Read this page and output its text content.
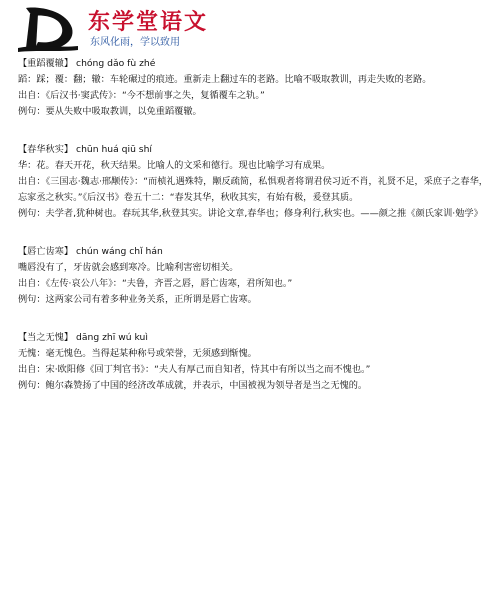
东学堂语文
东风化雨，学以致用
【重蹈覆辙】 chóng dǎo fù zhé
蹈：踩；覆：翻；辙：车轮碾过的痕迹。重新走上翻过车的老路。比喻不吸取教训，再走失败的老路。
出自：《后汉书·窦武传》：“今不想前事之失，复循覆车之轨。”
例句：要从失败中吸取教训，以免重蹈覆辙。
【春华秋实】 chūn huá qiū shí
华：花。春天开花，秋天结果。比喻人的文采和德行。现也比喻学习有成果。
出自：《三国志·魏志·邢颙传》：“而桢礼遇殊特，颙反疏简，私惧观者将谓君侯习近不肖，礼贤不足，采庶子之春华，忘家丞之秋实。”《后汉书》卷五十二：“春发其华，秋收其实，有始有极，爰登其质。
例句：夫学者,犹种树也。春玩其华,秋登其实。讲论文章,春华也；修身利行,秋实也。——颜之推《颜氏家训·勉学》
【唇亡齿寒】 chún wáng chǐ hán
嘴唇没有了，牙齿就会感到寒冷。比喻利害密切相关。
出自：《左传·哀公八年》：“夫鲁，齐晋之唇，唇亡齿寒，君所知也。”
例句：这两家公司有着多种业务关系，正所谓是唇亡齿寒。
【当之无愧】 dāng zhī wú kuì
无愧：毫无愧色。当得起某种称号或荣誉，无须感到惭愧。
出自：宋·欧阳修《回丁判官书》：“夫人有厚己而自知者，恃其中有所以当之而不愧也。”
例句：鲍尔森赞扬了中国的经济改革成就，并表示，中国被视为领导者是当之无愧的。
